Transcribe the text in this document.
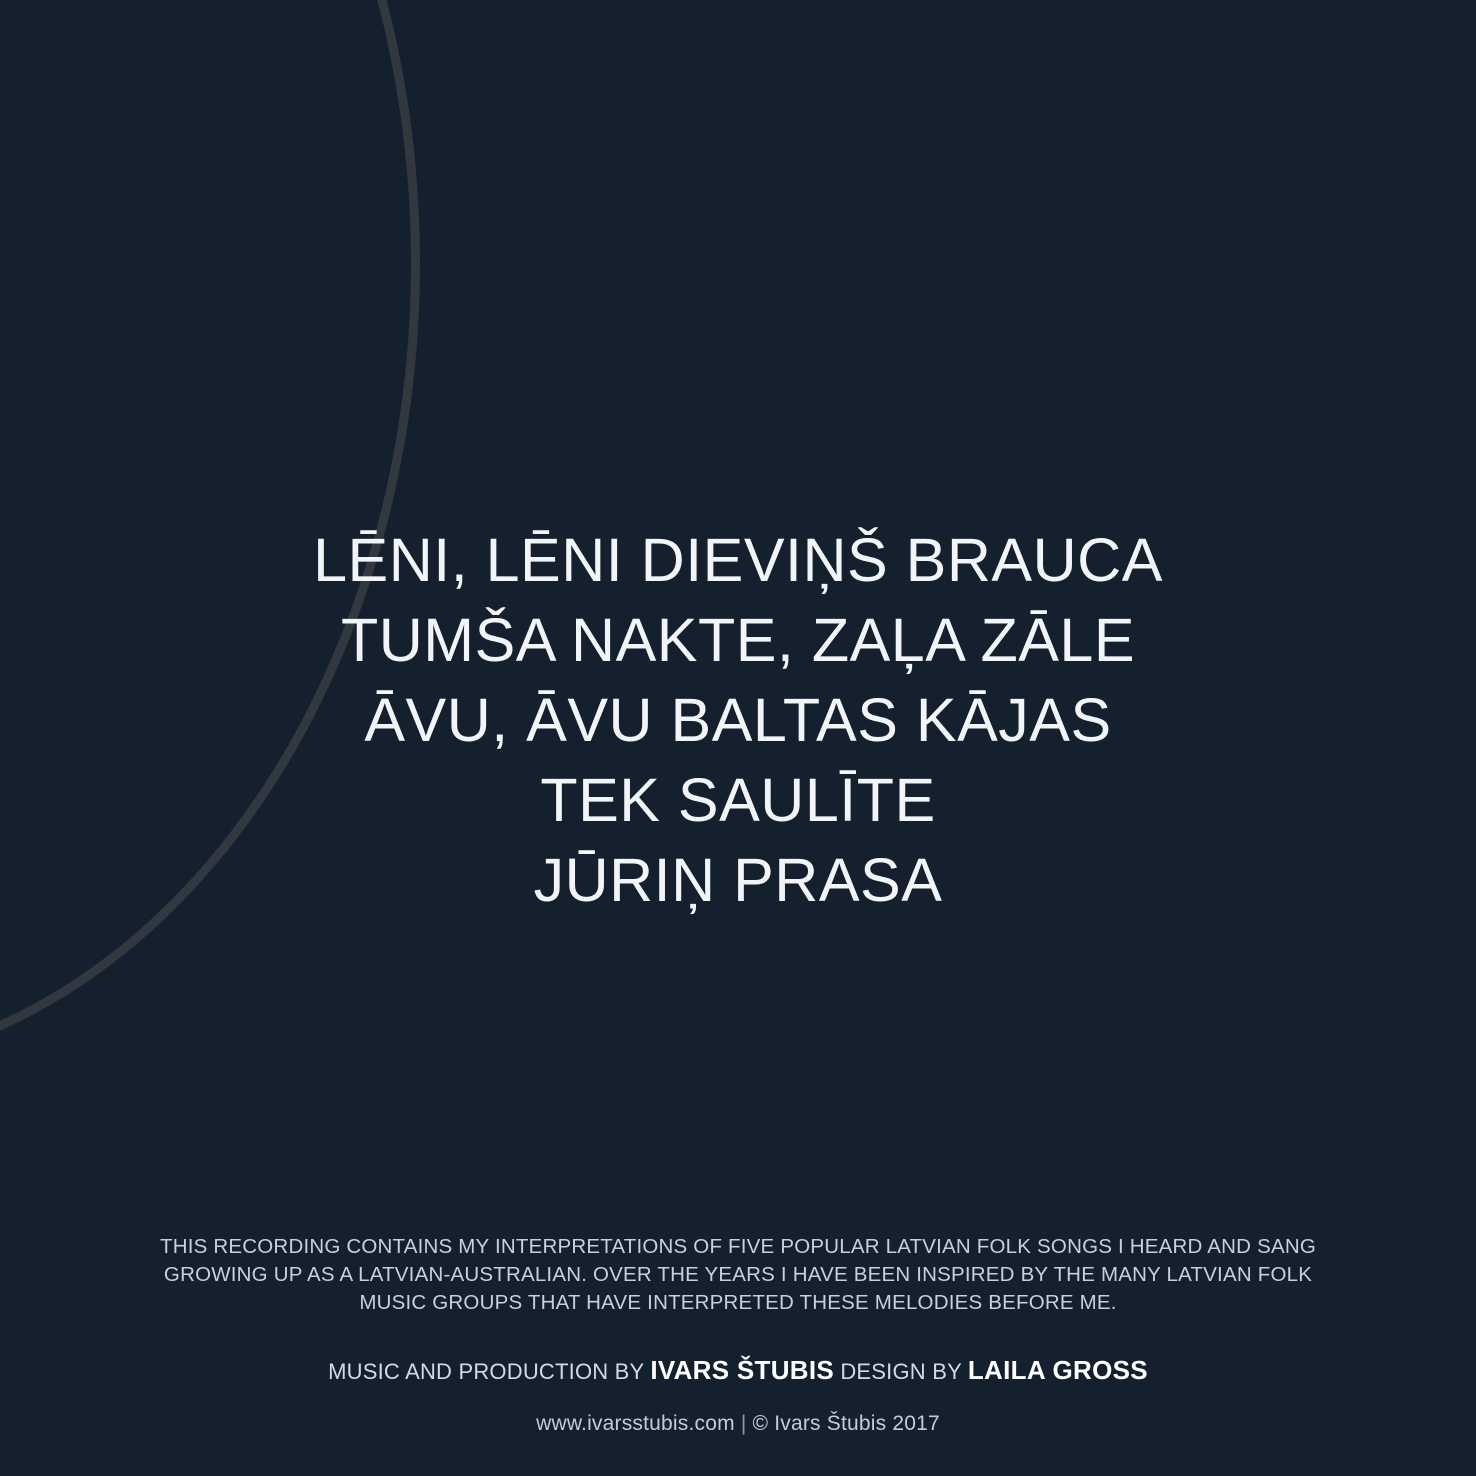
LĒNI, LĒNI DIEVIŅŠ BRAUCA
TUMŠA NAKTE, ZAĻA ZĀLE
ĀVU, ĀVU BALTAS KĀJAS
TEK SAULĪTE
JŪRIŅ PRASA
THIS RECORDING CONTAINS MY INTERPRETATIONS OF FIVE POPULAR LATVIAN FOLK SONGS I HEARD AND SANG
GROWING UP AS A LATVIAN-AUSTRALIAN. OVER THE YEARS I HAVE BEEN INSPIRED BY THE MANY LATVIAN FOLK
MUSIC GROUPS THAT HAVE INTERPRETED THESE MELODIES BEFORE ME.
MUSIC AND PRODUCTION BY IVARS ŠTUBIS DESIGN BY LAILA GROSS
www.ivarsstubis.com | © Ivars Štubis 2017
